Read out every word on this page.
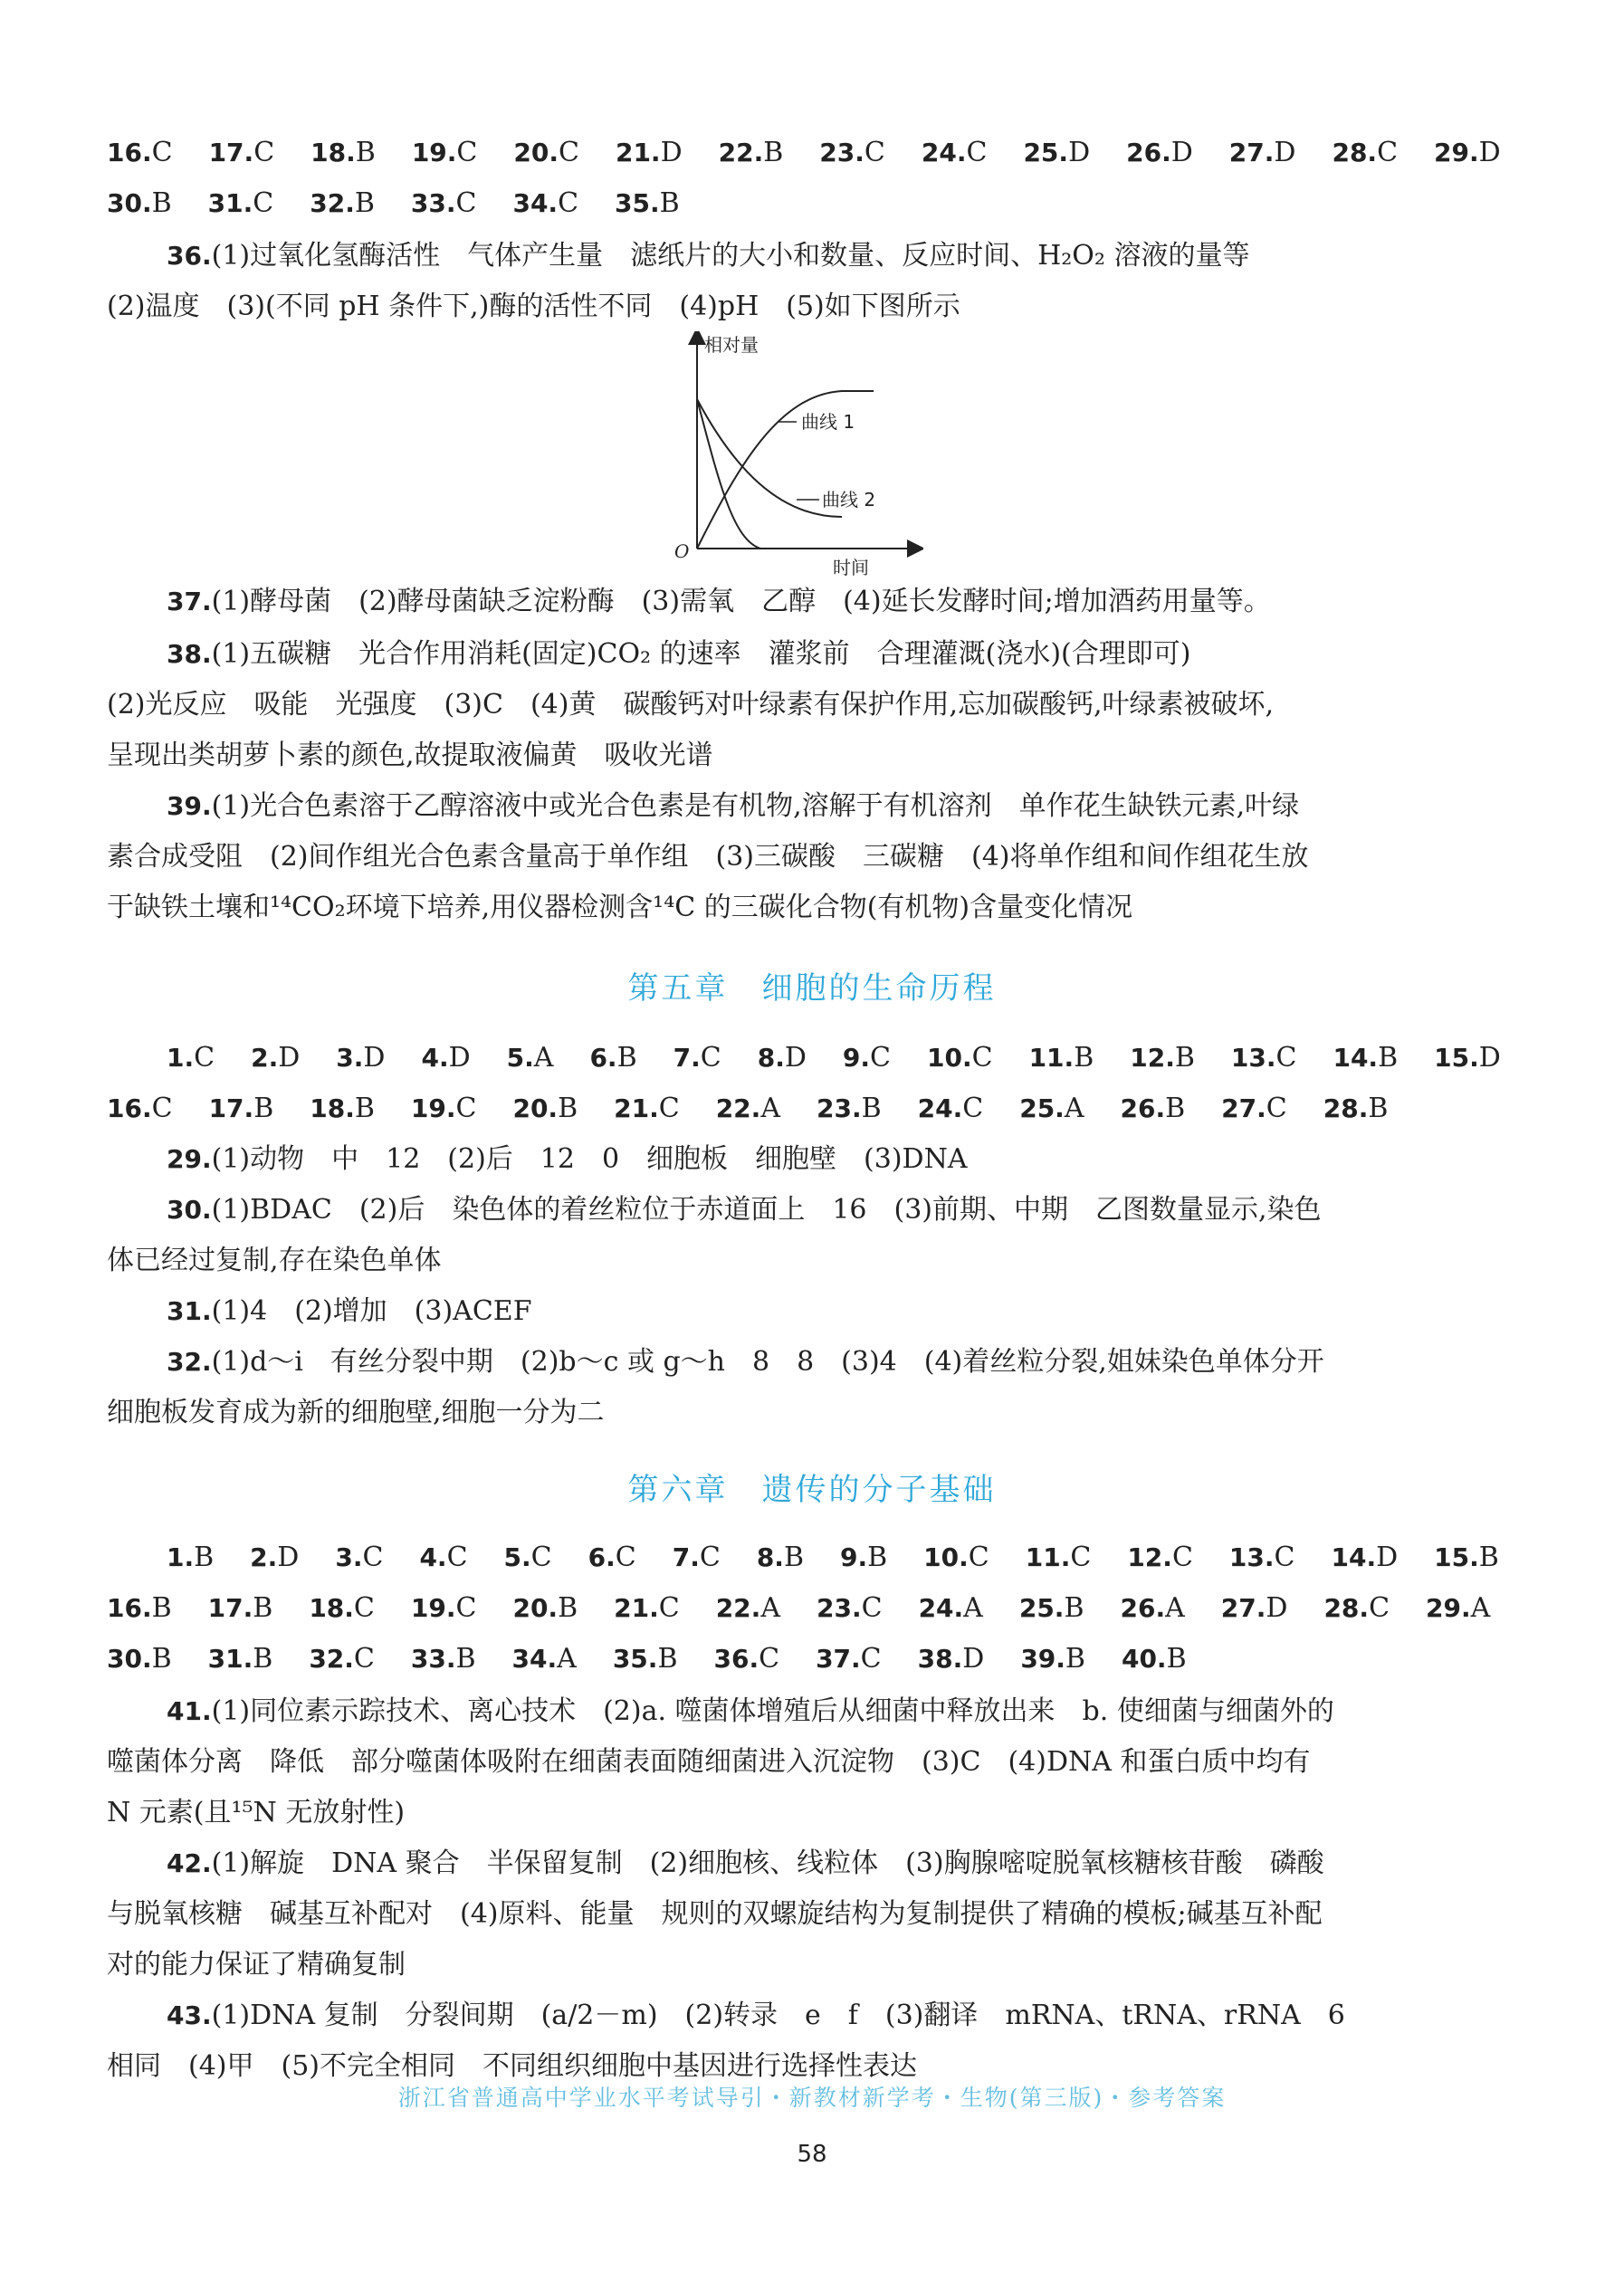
16.C 17.C 18.B 19.C 20.C 21.D 22.B 23.C 24.C 25.D 26.D 27.D 28.C 29.D
30.B 31.C 32.B 33.C 34.C 35.B
36.(1)过氧化氢酶活性　气体产生量　滤纸片的大小和数量、反应时间、H₂O₂ 溶液的量等
(2)温度　(3)(不同 pH 条件下,)酶的活性不同　(4)pH　(5)如下图所示
相对量
时间
O
曲线 1
曲线 2
37.(1)酵母菌　(2)酵母菌缺乏淀粉酶　(3)需氧　乙醇　(4)延长发酵时间;增加酒药用量等。
38.(1)五碳糖　光合作用消耗(固定)CO₂ 的速率　灌浆前　合理灌溉(浇水)(合理即可)
(2)光反应　吸能　光强度　(3)C　(4)黄　碳酸钙对叶绿素有保护作用,忘加碳酸钙,叶绿素被破坏,
呈现出类胡萝卜素的颜色,故提取液偏黄　吸收光谱
39.(1)光合色素溶于乙醇溶液中或光合色素是有机物,溶解于有机溶剂　单作花生缺铁元素,叶绿
素合成受阻　(2)间作组光合色素含量高于单作组　(3)三碳酸　三碳糖　(4)将单作组和间作组花生放
于缺铁土壤和¹⁴CO₂环境下培养,用仪器检测含¹⁴C 的三碳化合物(有机物)含量变化情况
第五章　细胞的生命历程
1.C 2.D 3.D 4.D 5.A 6.B 7.C 8.D 9.C 10.C 11.B 12.B 13.C 14.B 15.D
16.C 17.B 18.B 19.C 20.B 21.C 22.A 23.B 24.C 25.A 26.B 27.C 28.B
29.(1)动物　中　12　(2)后　12　0　细胞板　细胞壁　(3)DNA
30.(1)BDAC　(2)后　染色体的着丝粒位于赤道面上　16　(3)前期、中期　乙图数量显示,染色
体已经过复制,存在染色单体
31.(1)4　(2)增加　(3)ACEF
32.(1)d～i　有丝分裂中期　(2)b～c 或 g～h　8　8　(3)4　(4)着丝粒分裂,姐妹染色单体分开
细胞板发育成为新的细胞壁,细胞一分为二
第六章　遗传的分子基础
1.B 2.D 3.C 4.C 5.C 6.C 7.C 8.B 9.B 10.C 11.C 12.C 13.C 14.D 15.B
16.B 17.B 18.C 19.C 20.B 21.C 22.A 23.C 24.A 25.B 26.A 27.D 28.C 29.A
30.B 31.B 32.C 33.B 34.A 35.B 36.C 37.C 38.D 39.B 40.B
41.(1)同位素示踪技术、离心技术　(2)a. 噬菌体增殖后从细菌中释放出来　b. 使细菌与细菌外的
噬菌体分离　降低　部分噬菌体吸附在细菌表面随细菌进入沉淀物　(3)C　(4)DNA 和蛋白质中均有
N 元素(且¹⁵N 无放射性)
42.(1)解旋　DNA 聚合　半保留复制　(2)细胞核、线粒体　(3)胸腺嘧啶脱氧核糖核苷酸　磷酸
与脱氧核糖　碱基互补配对　(4)原料、能量　规则的双螺旋结构为复制提供了精确的模板;碱基互补配
对的能力保证了精确复制
43.(1)DNA 复制　分裂间期　(a/2－m)　(2)转录　e　f　(3)翻译　mRNA、tRNA、rRNA　6
相同　(4)甲　(5)不完全相同　不同组织细胞中基因进行选择性表达
浙江省普通高中学业水平考试导引・新教材新学考・生物(第三版)・参考答案
58
